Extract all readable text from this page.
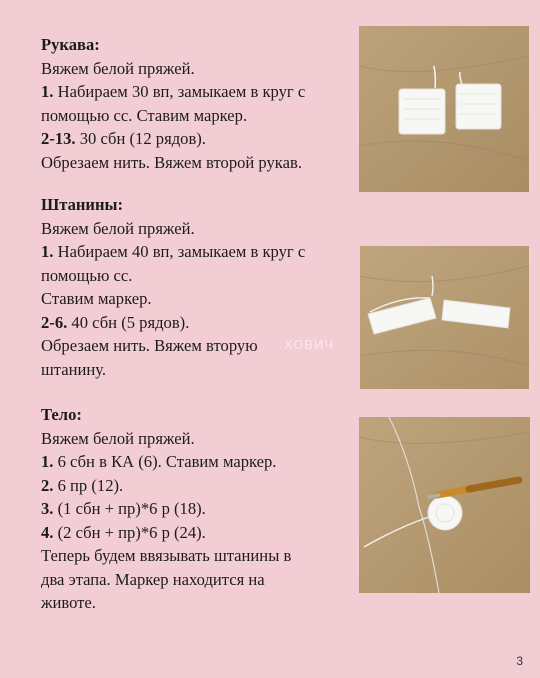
Рукава:
Вяжем белой пряжей.
1. Набираем 30 вп, замыкаем в круг с
помощью сс. Ставим маркер.
2-13. 30 сбн (12 рядов).
Обрезаем нить. Вяжем второй рукав.
Штанины:
Вяжем белой пряжей.
1. Набираем 40 вп, замыкаем в круг с
помощью сс.
Ставим маркер.
2-6. 40 сбн (5 рядов).
Обрезаем нить. Вяжем вторую
штанину.
Тело:
Вяжем белой пряжей.
1. 6 сбн в КА (6). Ставим маркер.
2. 6 пр (12).
3. (1 сбн + пр)*6 р (18).
4. (2 сбн + пр)*6 р (24).
Теперь будем ввязывать штанины в
два этапа. Маркер находится на
животе.
ХОВИЧ
3
